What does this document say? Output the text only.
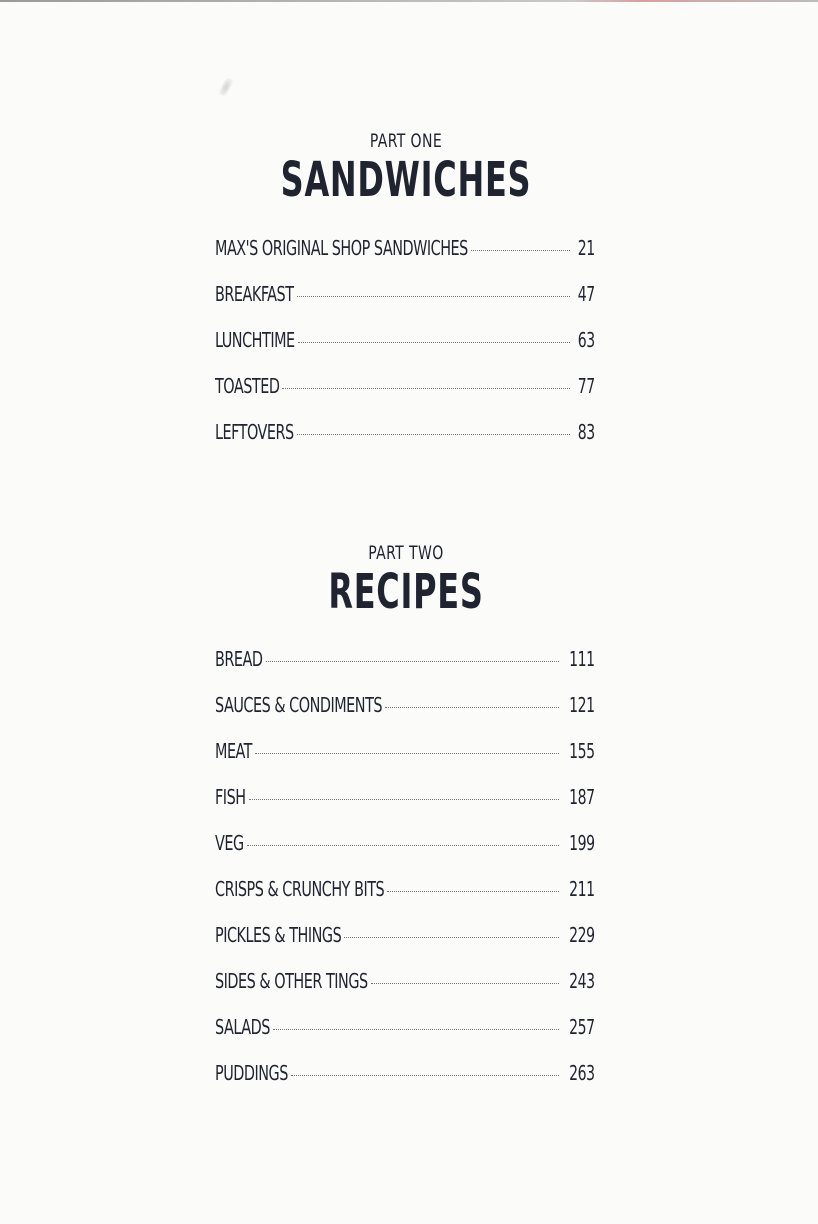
PART ONE
SANDWICHES
MAX'S ORIGINAL SHOP SANDWICHES	21
BREAKFAST	47
LUNCHTIME	63
TOASTED	77
LEFTOVERS	83
PART TWO
RECIPES
BREAD	111
SAUCES & CONDIMENTS	121
MEAT	155
FISH	187
VEG	199
CRISPS & CRUNCHY BITS	211
PICKLES & THINGS	229
SIDES & OTHER TINGS	243
SALADS	257
PUDDINGS	263
